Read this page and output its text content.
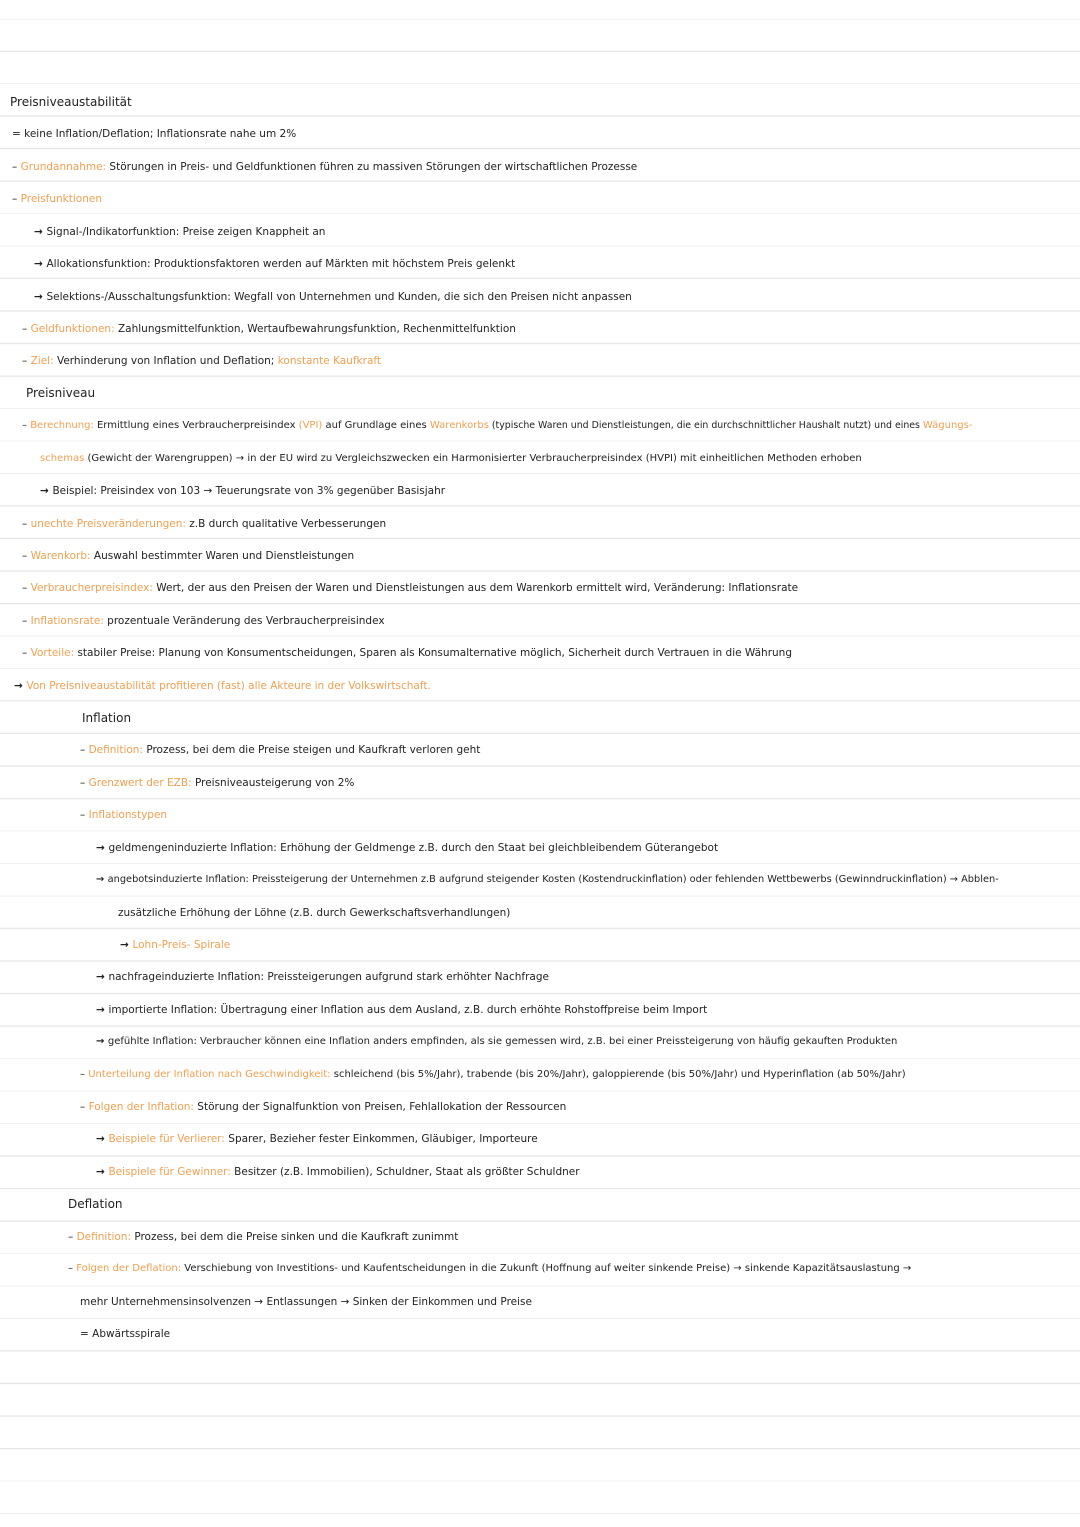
Preisniveaustabilität
= keine Inflation/Deflation; Inflationsrate nahe um 2%
– Grundannahme: Störungen in Preis- und Geldfunktionen führen zu massiven Störungen der wirtschaftlichen Prozesse
– Preisfunktionen
→ Signal-/Indikatorfunktion: Preise zeigen Knappheit an
→ Allokationsfunktion: Produktionsfaktoren werden auf Märkten mit höchstem Preis gelenkt
→ Selektions-/Ausschaltungsfunktion: Wegfall von Unternehmen und Kunden, die sich den Preisen nicht anpassen
– Geldfunktionen: Zahlungsmittelfunktion, Wertaufbewahrungsfunktion, Rechenmittelfunktion
– Ziel: Verhinderung von Inflation und Deflation; konstante Kaufkraft
Preisniveau
– Berechnung: Ermittlung eines Verbraucherpreisindex (VPI) auf Grundlage eines Warenkorbs (typische Waren und Dienstleistungen, die ein durchschnittlicher Haushalt nutzt) und eines Wägungs-
schemas (Gewicht der Warengruppen) → in der EU wird zu Vergleichszwecken ein Harmonisierter Verbraucherpreisindex (HVPI) mit einheitlichen Methoden erhoben
→ Beispiel: Preisindex von 103 → Teuerungsrate von 3% gegenüber Basisjahr
– unechte Preisveränderungen: z.B durch qualitative Verbesserungen
– Warenkorb: Auswahl bestimmter Waren und Dienstleistungen
– Verbraucherpreisindex: Wert, der aus den Preisen der Waren und Dienstleistungen aus dem Warenkorb ermittelt wird, Veränderung: Inflationsrate
– Inflationsrate: prozentuale Veränderung des Verbraucherpreisindex
– Vorteile: stabiler Preise: Planung von Konsumentscheidungen, Sparen als Konsumalternative möglich, Sicherheit durch Vertrauen in die Währung
→ Von Preisniveaustabilität profitieren (fast) alle Akteure in der Volkswirtschaft.
Inflation
– Definition: Prozess, bei dem die Preise steigen und Kaufkraft verloren geht
– Grenzwert der EZB: Preisniveausteigerung von 2%
– Inflationstypen
→ geldmengeninduzierte Inflation: Erhöhung der Geldmenge z.B. durch den Staat bei gleichbleibendem Güterangebot
→ angebotsinduzierte Inflation: Preissteigerung der Unternehmen z.B aufgrund steigender Kosten (Kostendruckinflation) oder fehlenden Wettbewerbs (Gewinndruckinflation) → Abblen-
zusätzliche Erhöhung der Löhne (z.B. durch Gewerkschaftsverhandlungen)
→ Lohn-Preis- Spirale
→ nachfrageinduzierte Inflation: Preissteigerungen aufgrund stark erhöhter Nachfrage
→ importierte Inflation: Übertragung einer Inflation aus dem Ausland, z.B. durch erhöhte Rohstoffpreise beim Import
→ gefühlte Inflation: Verbraucher können eine Inflation anders empfinden, als sie gemessen wird, z.B. bei einer Preissteigerung von häufig gekauften Produkten
– Unterteilung der Inflation nach Geschwindigkeit: schleichend (bis 5%/Jahr), trabende (bis 20%/Jahr), galoppierende (bis 50%/Jahr) und Hyperinflation (ab 50%/Jahr)
– Folgen der Inflation: Störung der Signalfunktion von Preisen, Fehlallokation der Ressourcen
→ Beispiele für Verlierer: Sparer, Bezieher fester Einkommen, Gläubiger, Importeure
→ Beispiele für Gewinner: Besitzer (z.B. Immobilien), Schuldner, Staat als größter Schuldner
Deflation
– Definition: Prozess, bei dem die Preise sinken und die Kaufkraft zunimmt
– Folgen der Deflation: Verschiebung von Investitions- und Kaufentscheidungen in die Zukunft (Hoffnung auf weiter sinkende Preise) → sinkende Kapazitätsauslastung →
mehr Unternehmensinsolvenzen → Entlassungen → Sinken der Einkommen und Preise
= Abwärtsspirale
